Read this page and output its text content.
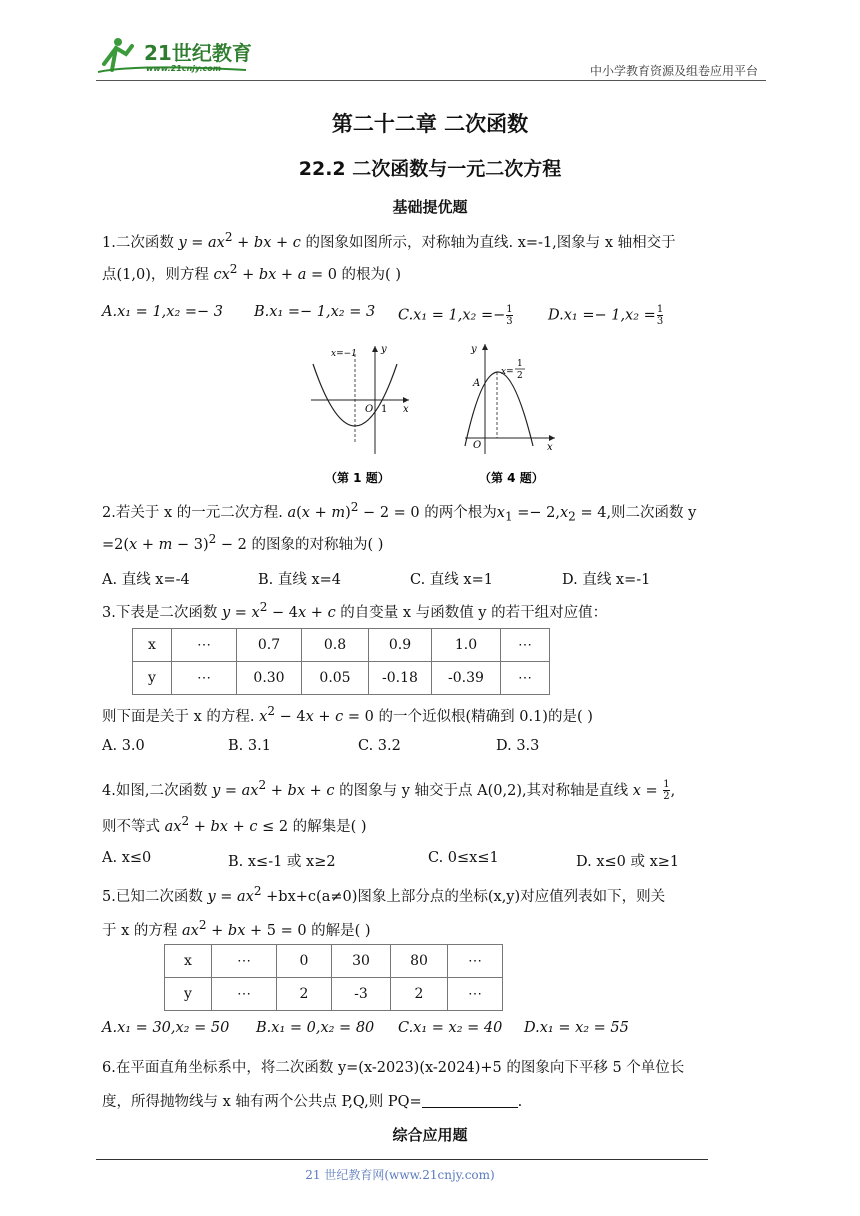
21世纪教育
www.21cnjy.com	中小学教育资源及组卷应用平台
第二十二章 二次函数
22.2 二次函数与一元二次方程
基础提优题
1.二次函数 $y = ax^2$ + bx + c 的图象如图所示，对称轴为直线. x=-1,图象与 x 轴相交于
点(1,0)，则方程 $cx^2$ + bx + a = 0 的根为( )
A.x₁ = 1,x₂ =− 3 B.x₁ =− 1,x₂ = 3 $C.x_1 = 1,x_2 =- \frac{1}{3} D.x_1 =- 1,x_2 = \frac{1}{3}$
x=−1 y
x
O 1
（第 1 题）
y
A
O	x
x=
1
2
（第 4 题）
2.若关于 x 的一元二次方程. $a(x + m)^2 - 2 = 0$ 的两个根为$x_1 =- 2,x_2 = 4$,则二次函数 y
$=2(x + m - 3)^2 - 2$ 的图象的对称轴为( )
A. 直线 x=-4	B. 直线 x=4	C. 直线 x=1	D. 直线 x=-1
3.下表是二次函数 $y = x^2 - 4x + c$ 的自变量 x 与函数值 y 的若干组对应值：
x	⋯	0.7	0.8	0.9	1.0	⋯
y	⋯	0.30	0.05	-0.18	-0.39	⋯
则下面是关于 x 的方程. $x^2 - 4x + c = 0$ 的一个近似根(精确到 0.1)的是( )
A. 3.0	B. 3.1	C. 3.2	D. 3.3
4.如图,二次函数 $y = ax^2$ + bx + c 的图象与 y 轴交于点 A(0,2),其对称轴是直线 $x = \frac{1}{2}$ ,
则不等式 $ax^2$ + bx + c ≤ 2 的解集是( )
A. x≤0	B. x≤-1 或 x≥2	C. 0≤x≤1	D. x≤0 或 x≥1
5.已知二次函数 $y = ax^2 +bx+c(a\ne 0)$图象上部分点的坐标(x,y)对应值列表如下，则关
于 x 的方程 $ax^2$ + bx + 5 = 0 的解是( )
x	⋯	0	30	80	⋯
y	⋯	2	-3	2	⋯
A.x₁ = 30,x₂ = 50 B.x₁ = 0,x₂ = 80 C.x₁ = x₂ = 40 D.x₁ = x₂ = 55
6.在平面直角坐标系中，将二次函数 y=(x-2023)(x-2024)+5 的图象向下平移 5 个单位长
度，所得抛物线与 x 轴有两个公共点 P,Q,则 PQ=	.
综合应用题
21 世纪教育网(www.21cnjy.com)
